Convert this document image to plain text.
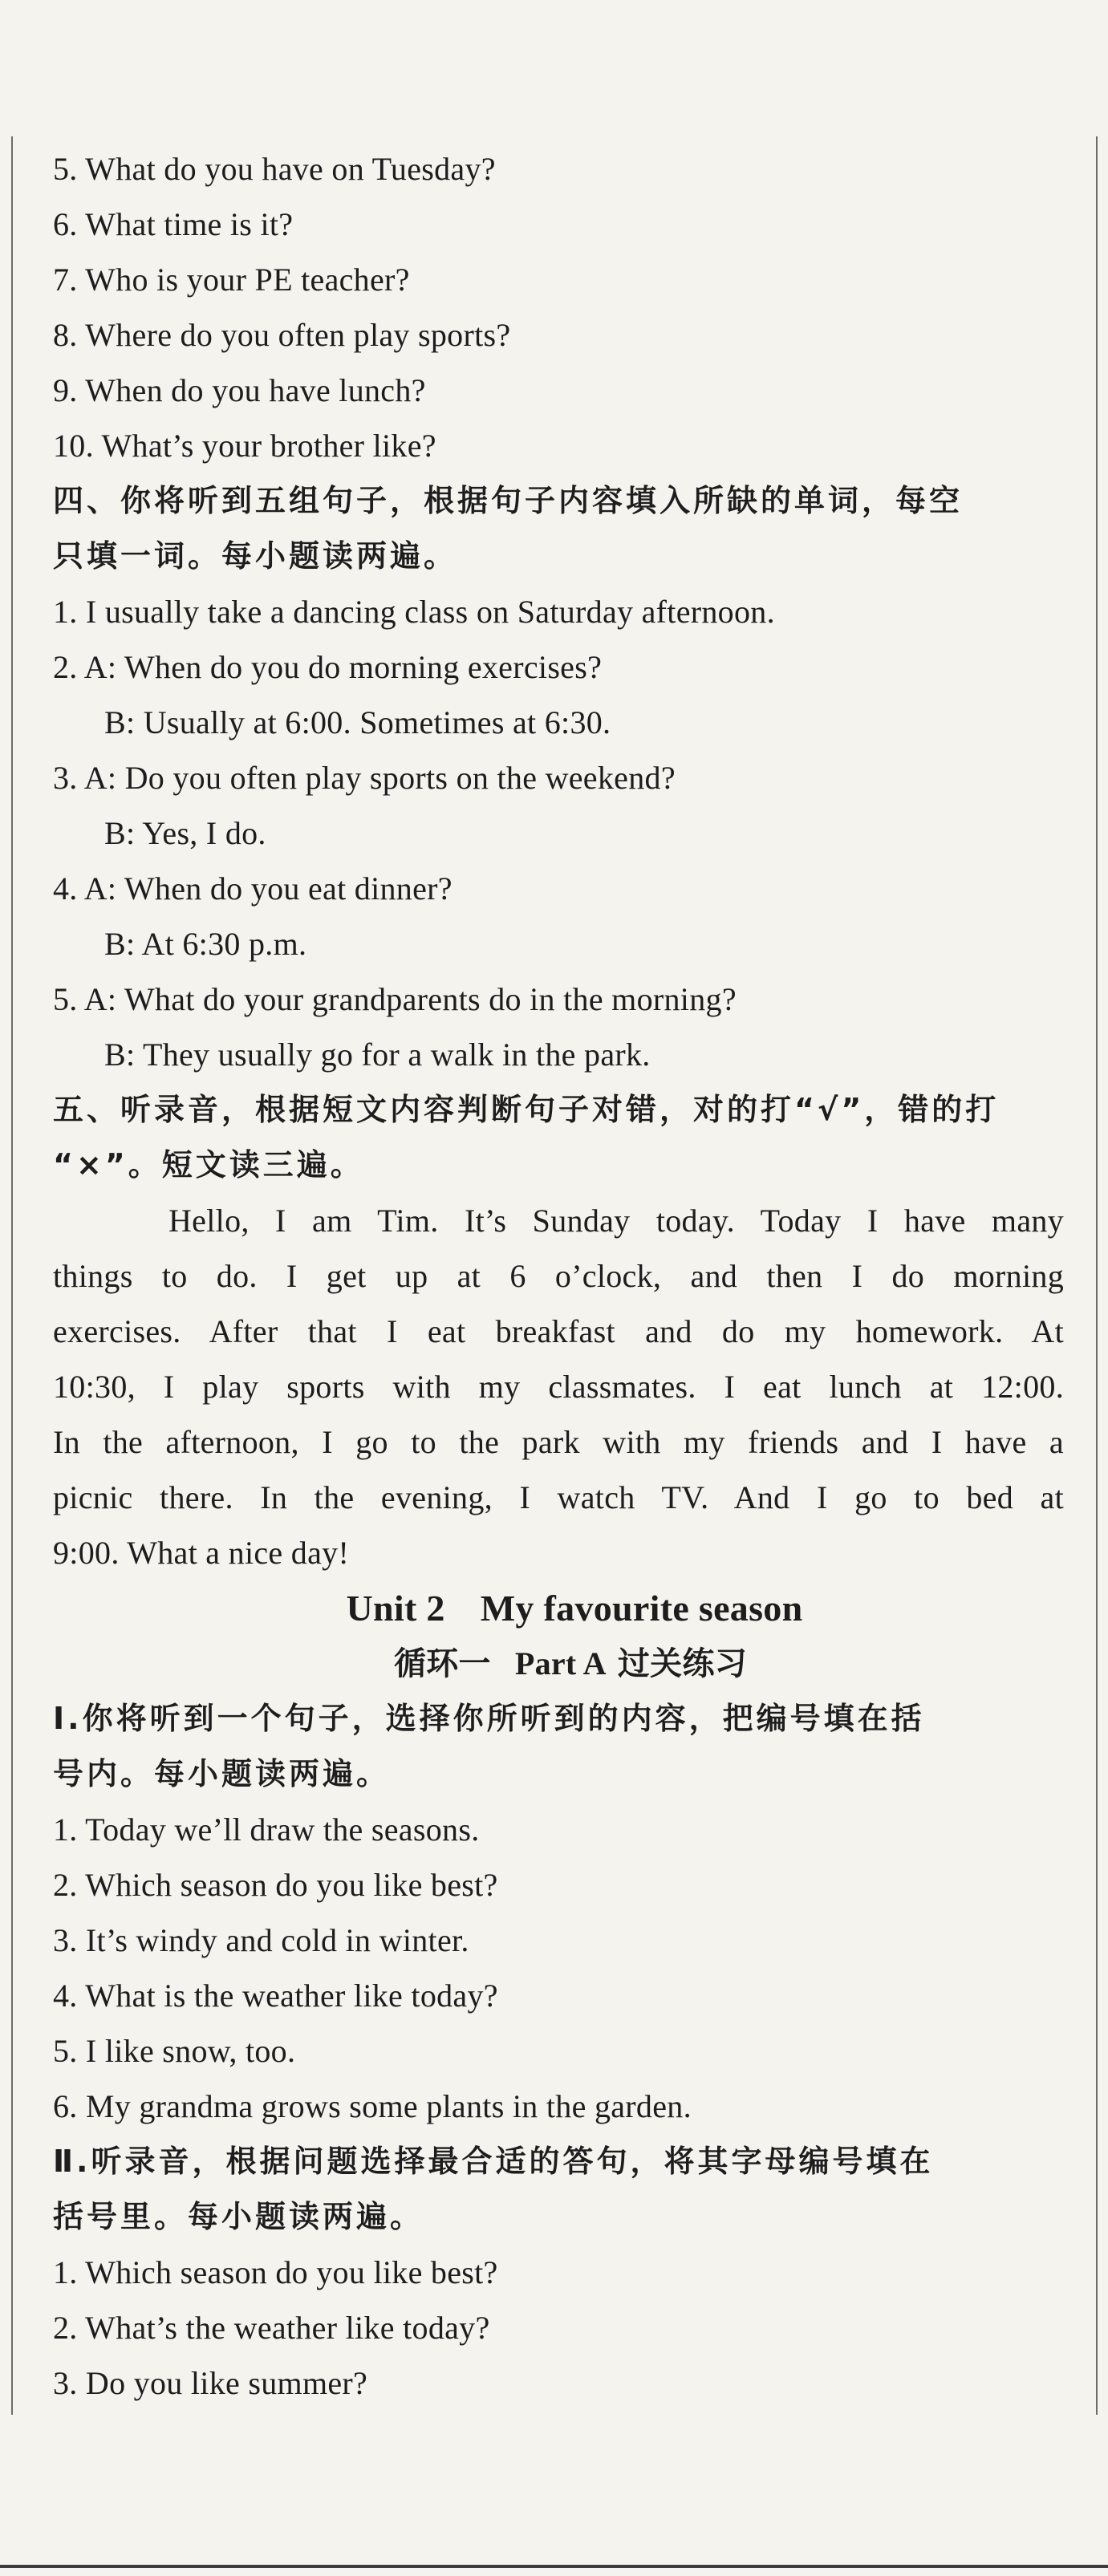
5. What do you have on Tuesday?
6. What time is it?
7. Who is your PE teacher?
8. Where do you often play sports?
9. When do you have lunch?
10. What’s your brother like?
四、你将听到五组句子，根据句子内容填入所缺的单词，每空
只填一词。每小题读两遍。
1. I usually take a dancing class on Saturday afternoon.
2. A: When do you do morning exercises?
B: Usually at 6:00. Sometimes at 6:30.
3. A: Do you often play sports on the weekend?
B: Yes, I do.
4. A: When do you eat dinner?
B: At 6:30 p.m.
5. A: What do your grandparents do in the morning?
B: They usually go for a walk in the park.
五、听录音，根据短文内容判断句子对错，对的打“√”，错的打
“×”。短文读三遍。
Hello, I am Tim. It’s Sunday today. Today I have many
things to do. I get up at 6 o’clock, and then I do morning
exercises. After that I eat breakfast and do my homework. At
10:30, I play sports with my classmates. I eat lunch at 12:00.
In the afternoon, I go to the park with my friends and I have a
picnic there. In the evening, I watch TV. And I go to bed at
9:00. What a nice day!
Unit 2 My favourite season
循环一 Part A 过关练习
Ⅰ.你将听到一个句子，选择你所听到的内容，把编号填在括
号内。每小题读两遍。
1. Today we’ll draw the seasons.
2. Which season do you like best?
3. It’s windy and cold in winter.
4. What is the weather like today?
5. I like snow, too.
6. My grandma grows some plants in the garden.
Ⅱ.听录音，根据问题选择最合适的答句，将其字母编号填在
括号里。每小题读两遍。
1. Which season do you like best?
2. What’s the weather like today?
3. Do you like summer?
